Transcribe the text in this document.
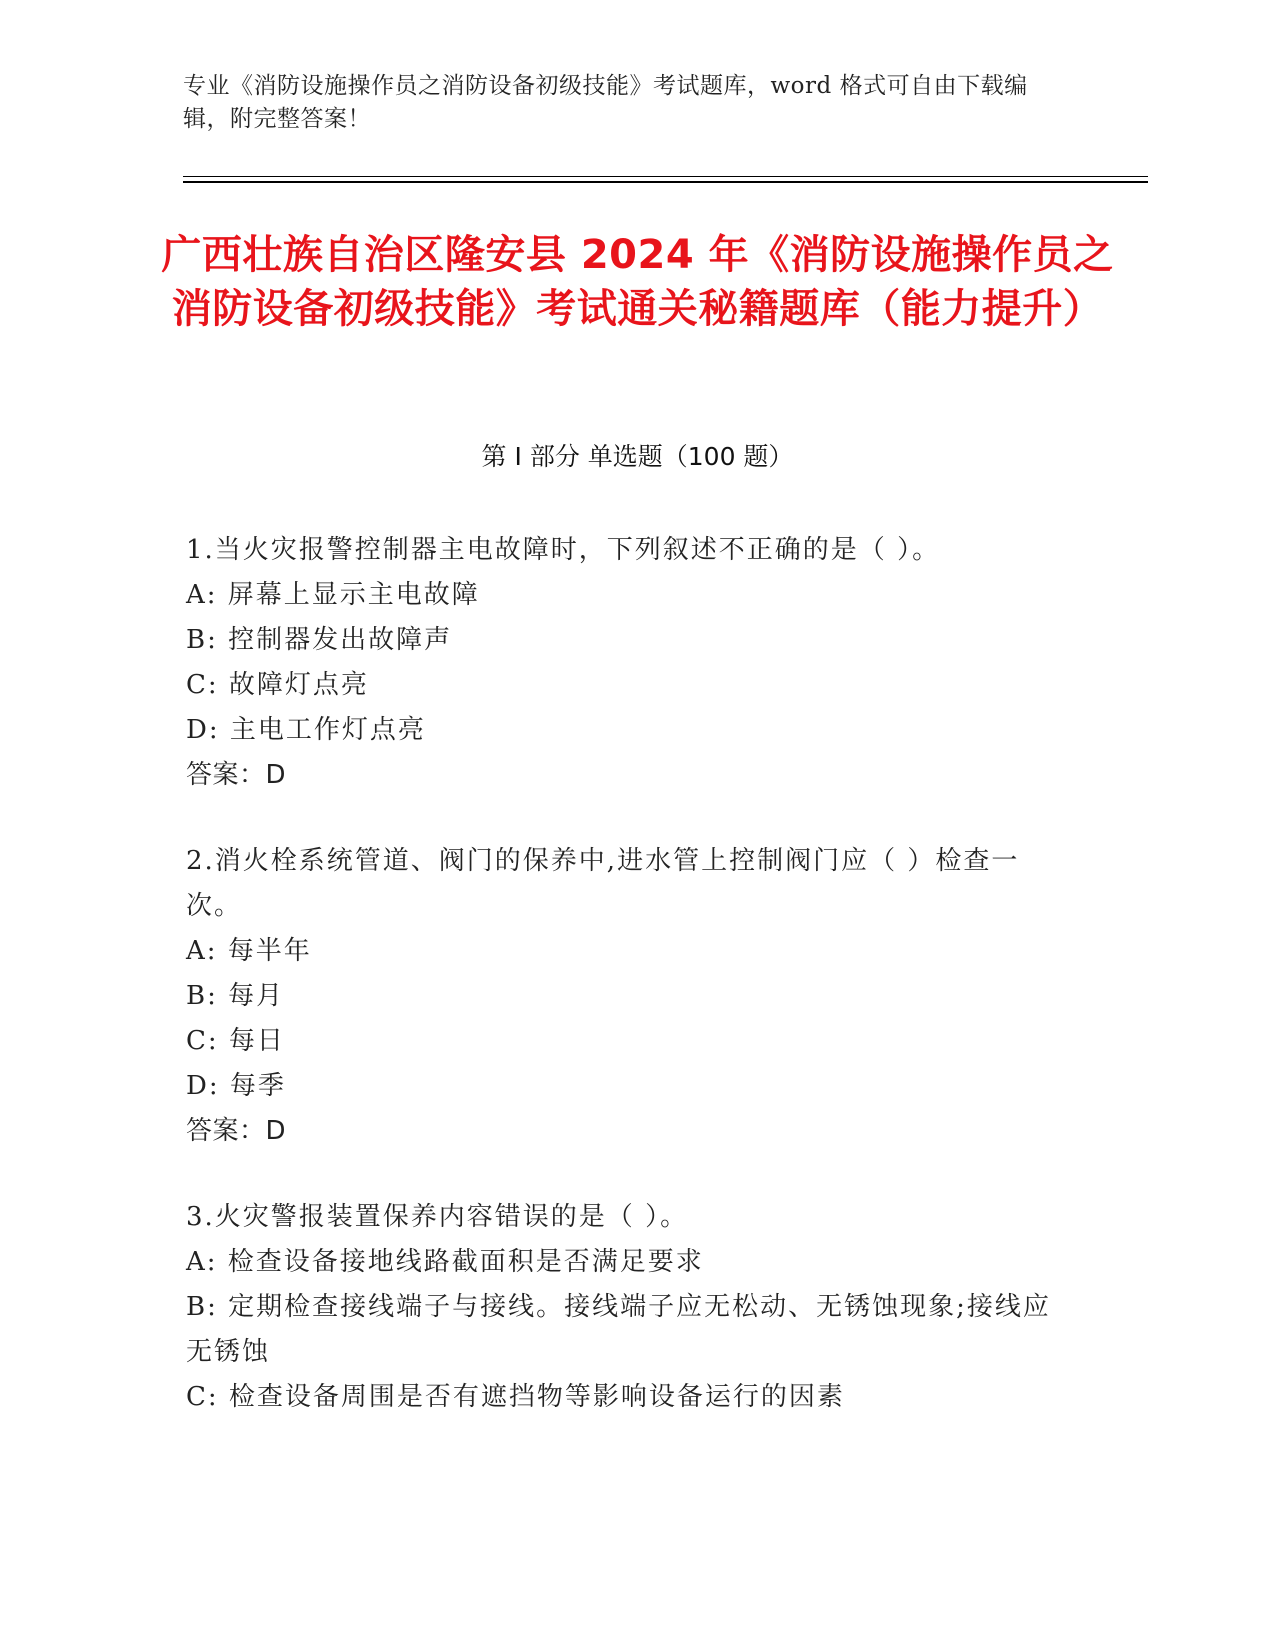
专业《消防设施操作员之消防设备初级技能》考试题库，word 格式可自由下载编辑，附完整答案！
广西壮族自治区隆安县 2024 年《消防设施操作员之消防设备初级技能》考试通关秘籍题库（能力提升）
第 I 部分 单选题（100 题）
1.当火灾报警控制器主电故障时，下列叙述不正确的是（ ）。
A: 屏幕上显示主电故障
B: 控制器发出故障声
C: 故障灯点亮
D: 主电工作灯点亮
答案：D
2.消火栓系统管道、阀门的保养中,进水管上控制阀门应（ ）检查一次。
A: 每半年
B: 每月
C: 每日
D: 每季
答案：D
3.火灾警报装置保养内容错误的是（ ）。
A: 检查设备接地线路截面积是否满足要求
B: 定期检查接线端子与接线。接线端子应无松动、无锈蚀现象;接线应无锈蚀
C: 检查设备周围是否有遮挡物等影响设备运行的因素
